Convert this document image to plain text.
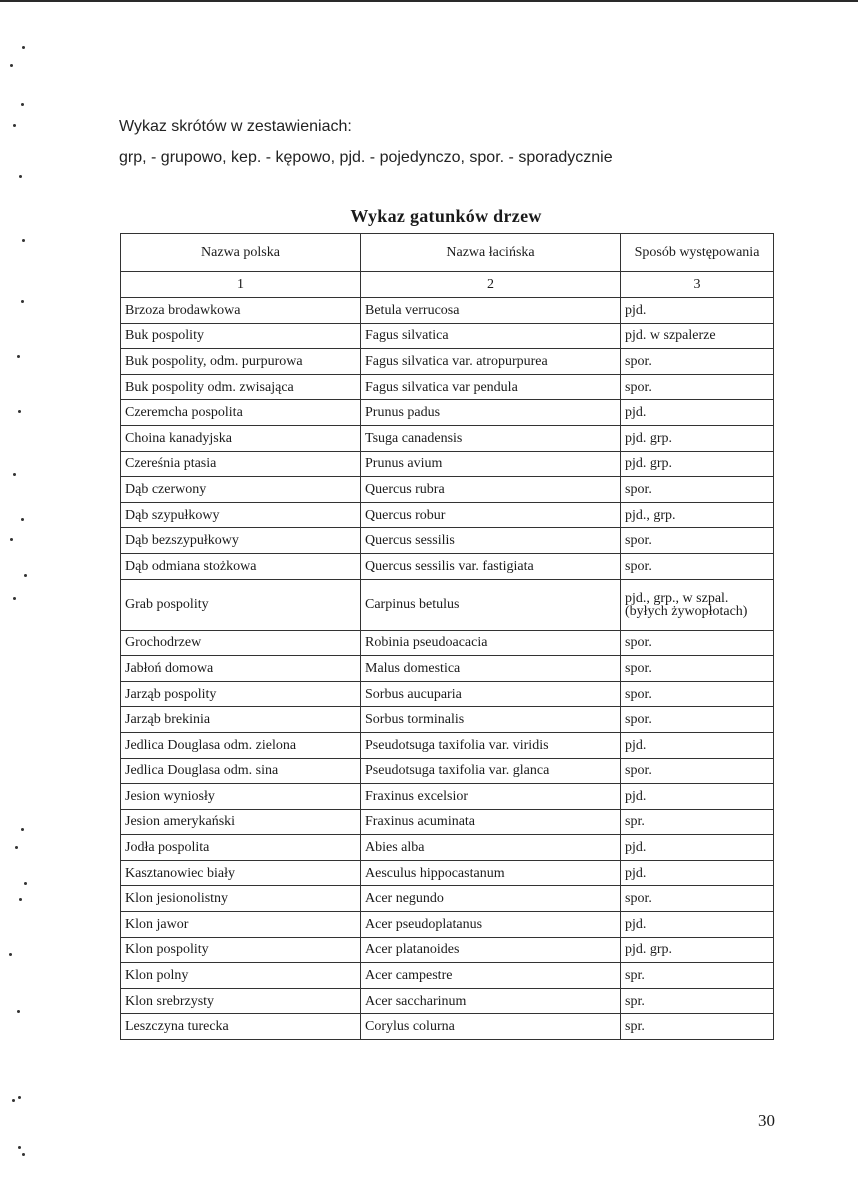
Wykaz skrótów w zestawieniach:
grp, - grupowo, kep. - kępowo, pjd. - pojedynczo, spor. - sporadycznie
Wykaz gatunków drzew
Nazwa polska	Nazwa łacińska	Sposób występowania
1	2	3
Brzoza brodawkowa	Betula verrucosa	pjd.
Buk pospolity	Fagus silvatica	pjd. w szpalerze
Buk pospolity, odm. purpurowa	Fagus silvatica var. atropurpurea	spor.
Buk pospolity odm. zwisająca	Fagus silvatica var pendula	spor.
Czeremcha pospolita	Prunus padus	pjd.
Choina kanadyjska	Tsuga canadensis	pjd. grp.
Czereśnia ptasia	Prunus avium	pjd. grp.
Dąb czerwony	Quercus rubra	spor.
Dąb szypułkowy	Quercus robur	pjd., grp.
Dąb bezszypułkowy	Quercus sessilis	spor.
Dąb odmiana stożkowa	Quercus sessilis var. fastigiata	spor.
Grab pospolity	Carpinus betulus	pjd., grp., w szpal. (byłych żywopłotach)
Grochodrzew	Robinia pseudoacacia	spor.
Jabłoń domowa	Malus domestica	spor.
Jarząb pospolity	Sorbus aucuparia	spor.
Jarząb brekinia	Sorbus torminalis	spor.
Jedlica Douglasa odm. zielona	Pseudotsuga taxifolia var. viridis	pjd.
Jedlica Douglasa odm. sina	Pseudotsuga taxifolia var. glanca	spor.
Jesion wyniosły	Fraxinus excelsior	pjd.
Jesion amerykański	Fraxinus acuminata	spr.
Jodła pospolita	Abies alba	pjd.
Kasztanowiec biały	Aesculus hippocastanum	pjd.
Klon jesionolistny	Acer negundo	spor.
Klon jawor	Acer pseudoplatanus	pjd.
Klon pospolity	Acer platanoides	pjd. grp.
Klon polny	Acer campestre	spr.
Klon srebrzysty	Acer saccharinum	spr.
Leszczyna turecka	Corylus colurna	spr.
30
